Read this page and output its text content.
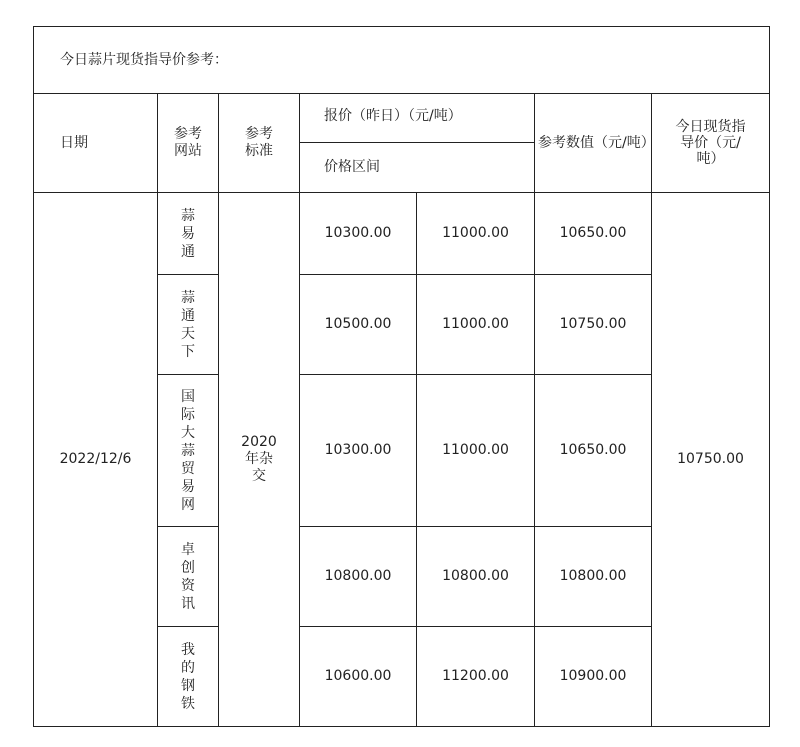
今日蒜片现货指导价参考：						
日期	参考网站	参考标准	报价（昨日）（元/吨）		参考数值（元/吨）	今日现货指导价（元/吨）
			价格区间			
2022/12/6	蒜易通	2020年杂交	10300.00	11000.00	10650.00	10750.00
	蒜通天下		10500.00	11000.00	10750.00	
	国际大蒜贸易网		10300.00	11000.00	10650.00	
	卓创资讯		10800.00	10800.00	10800.00	
	我的钢铁		10600.00	11200.00	10900.00	
